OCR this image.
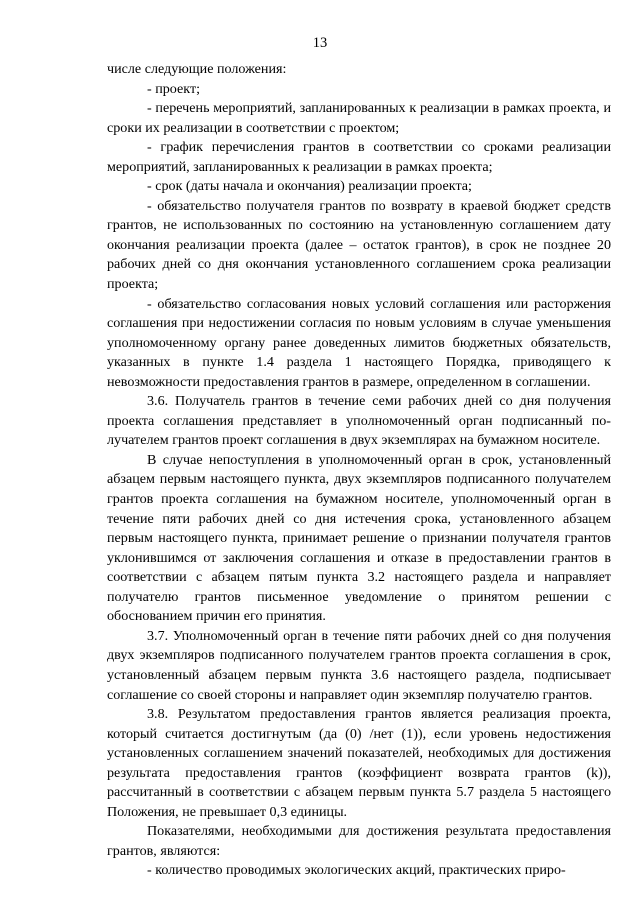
13

числе следующие положения:

- проект;

- перечень мероприятий, запланированных к реализации в рамках проекта, и сроки их реализации в соответствии с проектом;

- график перечисления грантов в соответствии со сроками реализации мероприятий, запланированных к реализации в рамках проекта;

- срок (даты начала и окончания) реализации проекта;

- обязательство получателя грантов по возврату в краевой бюджет средств грантов, не использованных по состоянию на установленную соглашением дату окончания реализации проекта (далее – остаток грантов), в срок не позднее 20 рабочих дней со дня окончания установленного соглашением срока реализации проекта;

- обязательство согласования новых условий соглашения или расторжения соглашения при недостижении согласия по новым условиям в случае уменьшения уполномоченному органу ранее доведенных лимитов бюджетных обязательств, указанных в пункте 1.4 раздела 1 настоящего Порядка, приводящего к невозможности предоставления грантов в размере, определенном в соглашении.

3.6. Получатель грантов в течение семи рабочих дней со дня получения проекта соглашения представляет в уполномоченный орган подписанный получателем грантов проект соглашения в двух экземплярах на бумажном носителе.

В случае непоступления в уполномоченный орган в срок, установленный абзацем первым настоящего пункта, двух экземпляров подписанного получателем грантов проекта соглашения на бумажном носителе, уполномоченный орган в течение пяти рабочих дней со дня истечения срока, установленного абзацем первым настоящего пункта, принимает решение о признании получателя грантов уклонившимся от заключения соглашения и отказе в предоставлении грантов в соответствии с абзацем пятым пункта 3.2 настоящего раздела и направляет получателю грантов письменное уведомление о принятом решении с обоснованием причин его принятия.

3.7. Уполномоченный орган в течение пяти рабочих дней со дня получения двух экземпляров подписанного получателем грантов проекта соглашения в срок, установленный абзацем первым пункта 3.6 настоящего раздела, подписывает соглашение со своей стороны и направляет один экземпляр получателю грантов.

3.8. Результатом предоставления грантов является реализация проекта, который считается достигнутым (да (0) /нет (1)), если уровень недостижения установленных соглашением значений показателей, необходимых для достижения результата предоставления грантов (коэффициент возврата грантов (k)), рассчитанный в соответствии с абзацем первым пункта 5.7 раздела 5 настоящего Положения, не превышает 0,3 единицы.

Показателями, необходимыми для достижения результата предоставления грантов, являются:

- количество проводимых экологических акций, практических приро-
